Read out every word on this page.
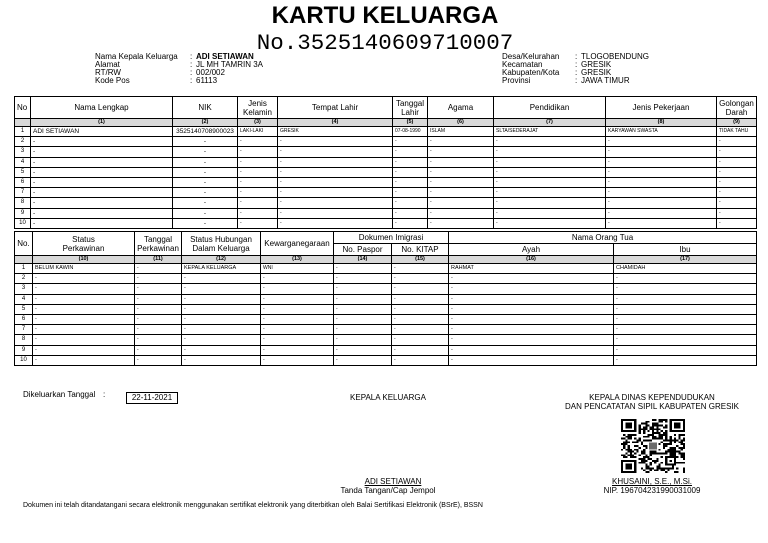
KARTU KELUARGA
No.3525140609710007
Nama Kepala Keluarga	: ADI SETIAWAN
Alamat	: JL MH TAMRIN 3A
RT/RW	: 002/002
Kode Pos	: 61113
Desa/Kelurahan	: TLOGOBENDUNG
Kecamatan	: GRESIK
Kabupaten/Kota	: GRESIK
Provinsi	: JAWA TIMUR
No	Nama Lengkap	NIK	Jenis Kelamin	Tempat Lahir	Tanggal Lahir	Agama	Pendidikan	Jenis Pekerjaan	Golongan Darah
	(1)	(2)	(3)	(4)	(5)	(6)	(7)	(8)	(9)
1	ADI SETIAWAN	3525140708900023	LAKI-LAKI	GRESIK	07-08-1990	ISLAM	SLTA/SEDERAJAT	KARYAWAN SWASTA	TIDAK TAHU
2	-	-	-	-	-	-	-	-	-
3	-	-	-	-	-	-	-	-	-
4	-	-	-	-	-	-	-	-	-
5	-	-	-	-	-	-	-	-	-
6	-	-	-	-	-	-	-	-	-
7	-	-	-	-	-	-	-	-	-
8	-	-	-	-	-	-	-	-	-
9	-	-	-	-	-	-	-	-	-
10	-	-	-	-	-	-	-	-	-
No.	Status Perkawinan	Tanggal Perkawinan	Status Hubungan Dalam Keluarga	Kewarganegaraan	Dokumen Imigrasi		Nama Orang Tua	
					No. Paspor	No. KITAP	Ayah	Ibu
	(10)	(11)	(12)	(13)	(14)	(15)	(16)	(17)
1	BELUM KAWIN	-	KEPALA KELUARGA	WNI	-	-	RAHMAT	CHAMIDAH
2	-	-	-	-	-	-	-	-
3	-	-	-	-	-	-	-	-
4	-	-	-	-	-	-	-	-
5	-	-	-	-	-	-	-	-
6	-	-	-	-	-	-	-	-
7	-	-	-	-	-	-	-	-
8	-	-	-	-	-	-	-	-
9	-	-	-	-	-	-	-	-
10	-	-	-	-	-	-	-	-
Dikeluarkan Tanggal :	22-11-2021	KEPALA KELUARGA	KEPALA DINAS KEPENDUDUKAN
DAN PENCATATAN SIPIL KABUPATEN GRESIK
ADI SETIAWAN
Tanda Tangan/Cap Jempol
KHUSAINI, S.E., M.Si.
NIP. 196704231990031009
Dokumen ini telah ditandatangani secara elektronik menggunakan sertifikat elektronik yang diterbitkan oleh Balai Sertifikasi Elektronik (BSrE), BSSN
